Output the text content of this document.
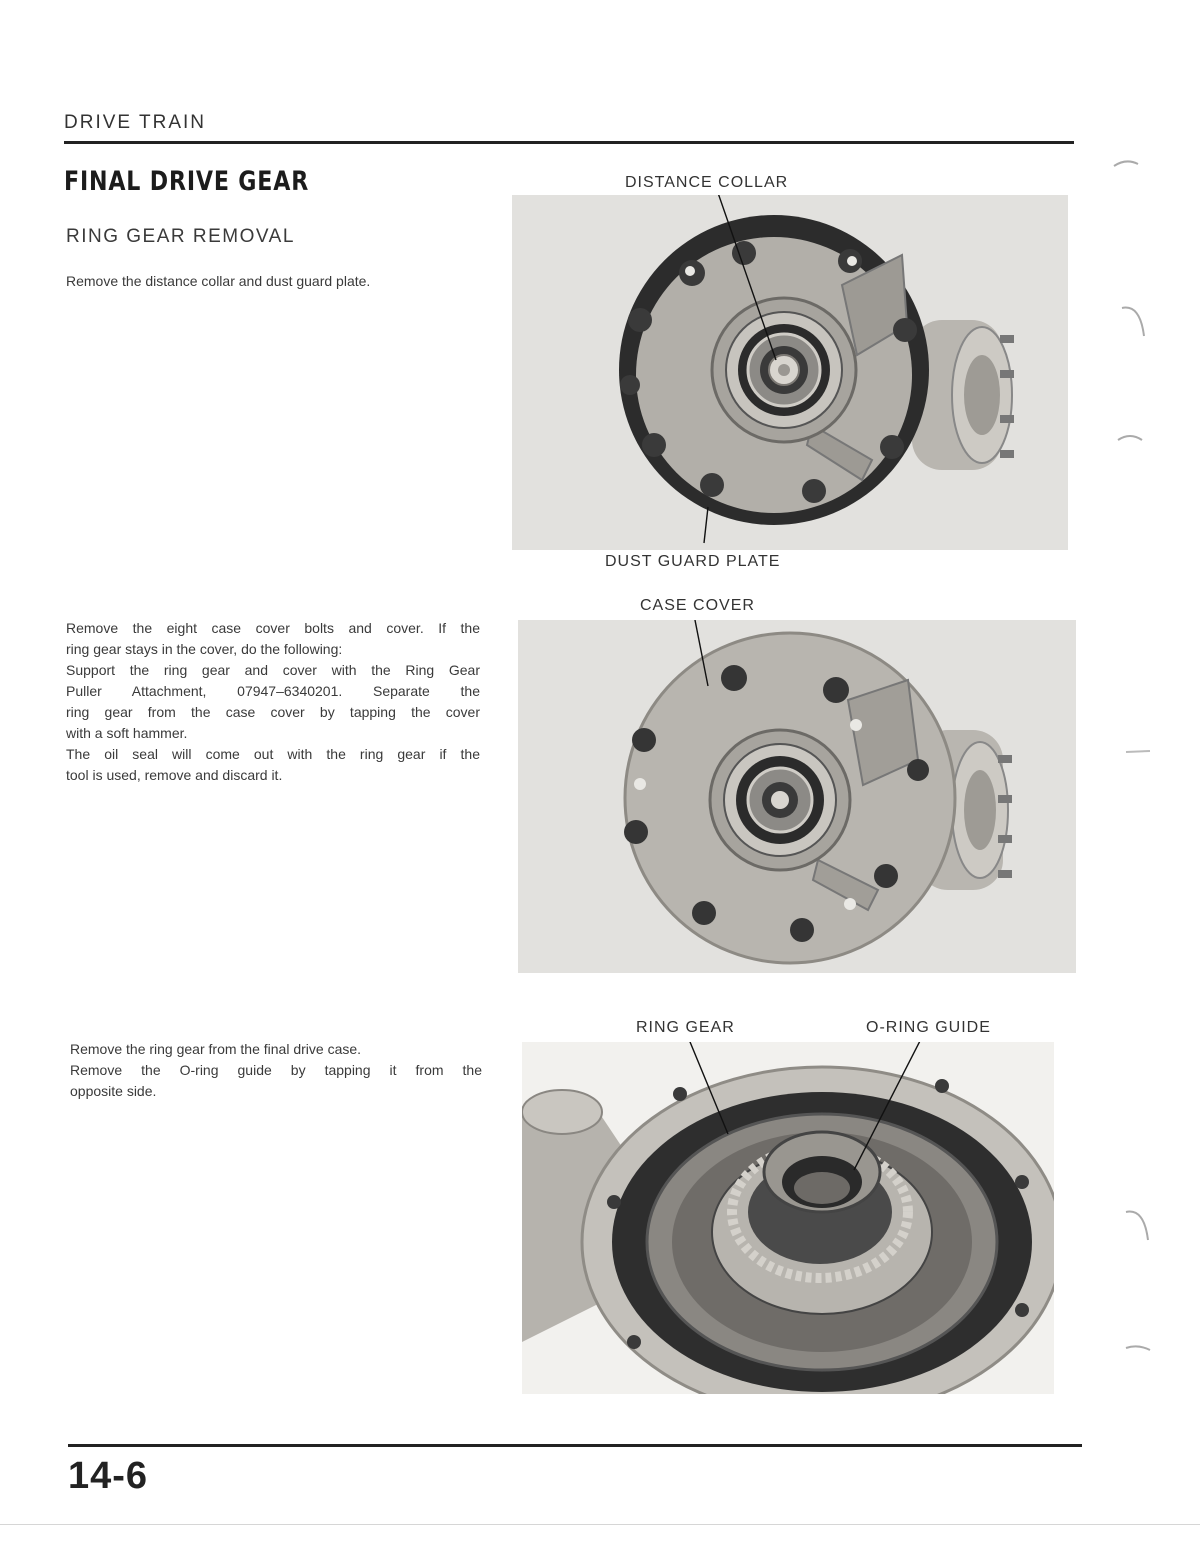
DRIVE TRAIN
FINAL DRIVE GEAR
RING GEAR REMOVAL
Remove the distance collar and dust guard plate.
Remove the eight case cover bolts and cover. If the
ring gear stays in the cover, do the following:
Support the ring gear and cover with the Ring Gear
Puller Attachment, 07947–6340201. Separate the
ring gear from the case cover by tapping the cover
with a soft hammer.
The oil seal will come out with the ring gear if the
tool is used, remove and discard it.
Remove the ring gear from the final drive case.
Remove the O-ring guide by tapping it from the
opposite side.
DISTANCE COLLAR
DUST GUARD PLATE
CASE COVER
RING GEAR	O-RING GUIDE
14-6
